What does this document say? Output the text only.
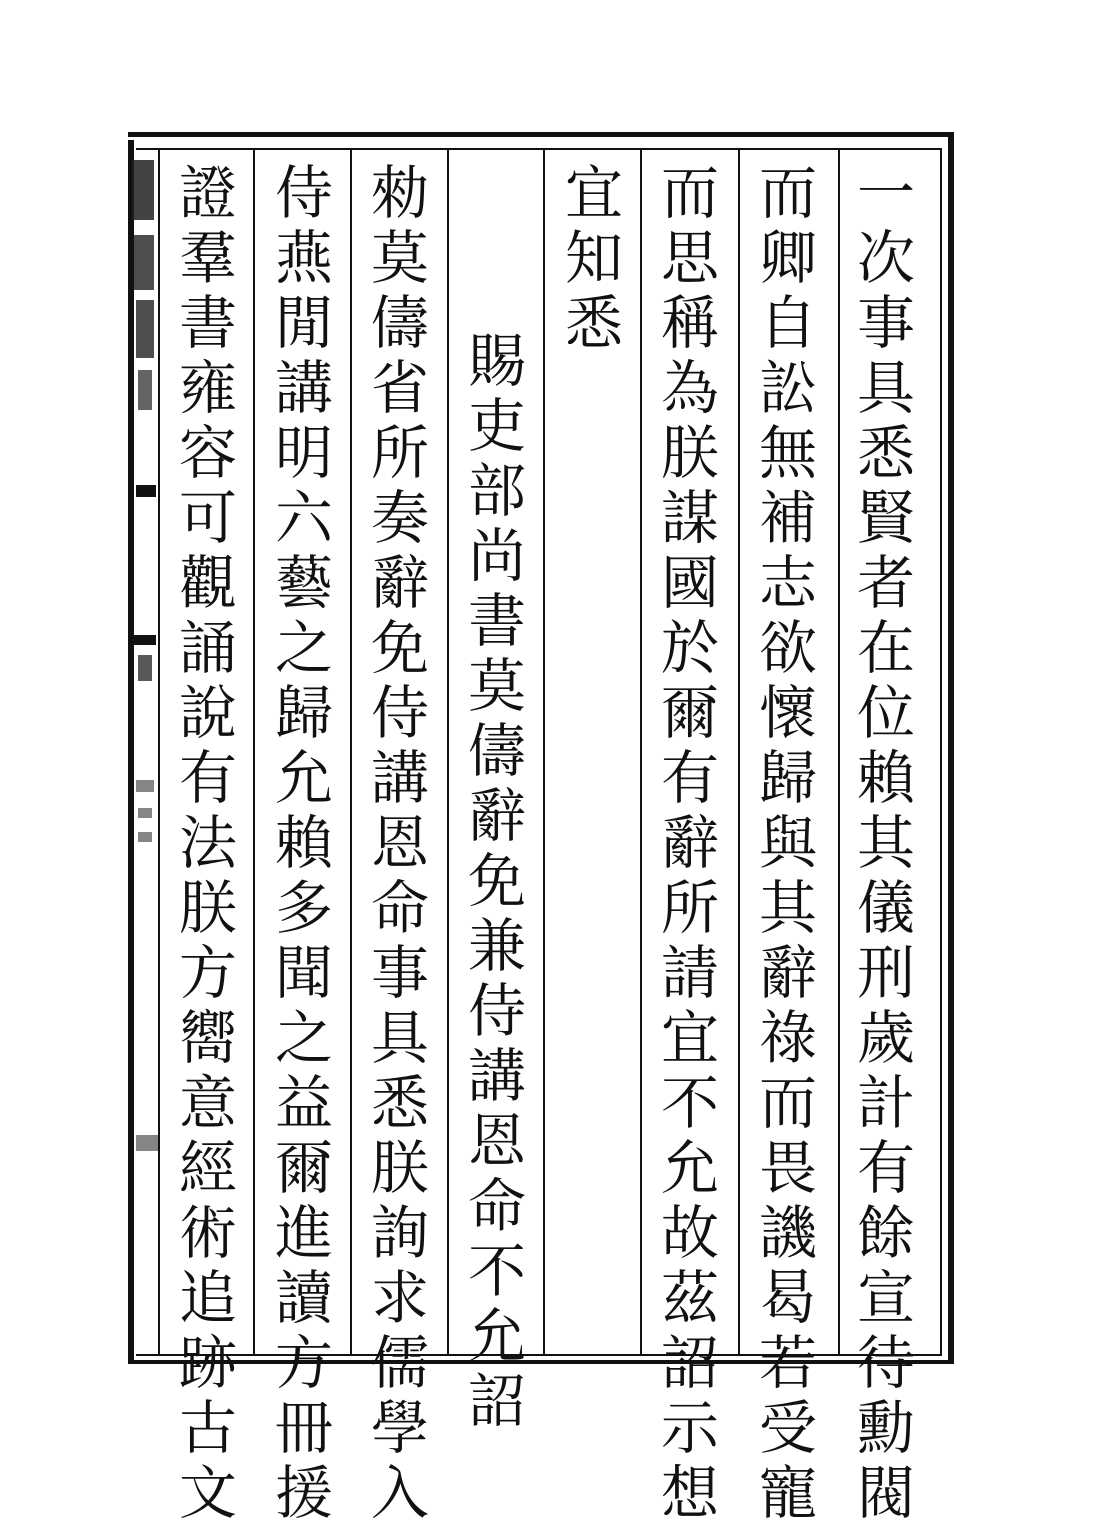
一次事具悉賢者在位賴其儀刑歲計有餘宣待勳閥
而卿自訟無補志欲懷歸與其辭祿而畏譏曷若受寵
而思稱為朕謀國於爾有辭所請宜不允故茲詔示想
宜知悉
賜吏部尚書莫儔辭免兼侍講恩命不允詔
勑莫儔省所奏辭免侍講恩命事具悉朕詢求儒學入
侍燕閒講明六藝之歸允賴多聞之益爾進讀方冊援
證羣書雍容可觀誦說有法朕方嚮意經術追跡古文
